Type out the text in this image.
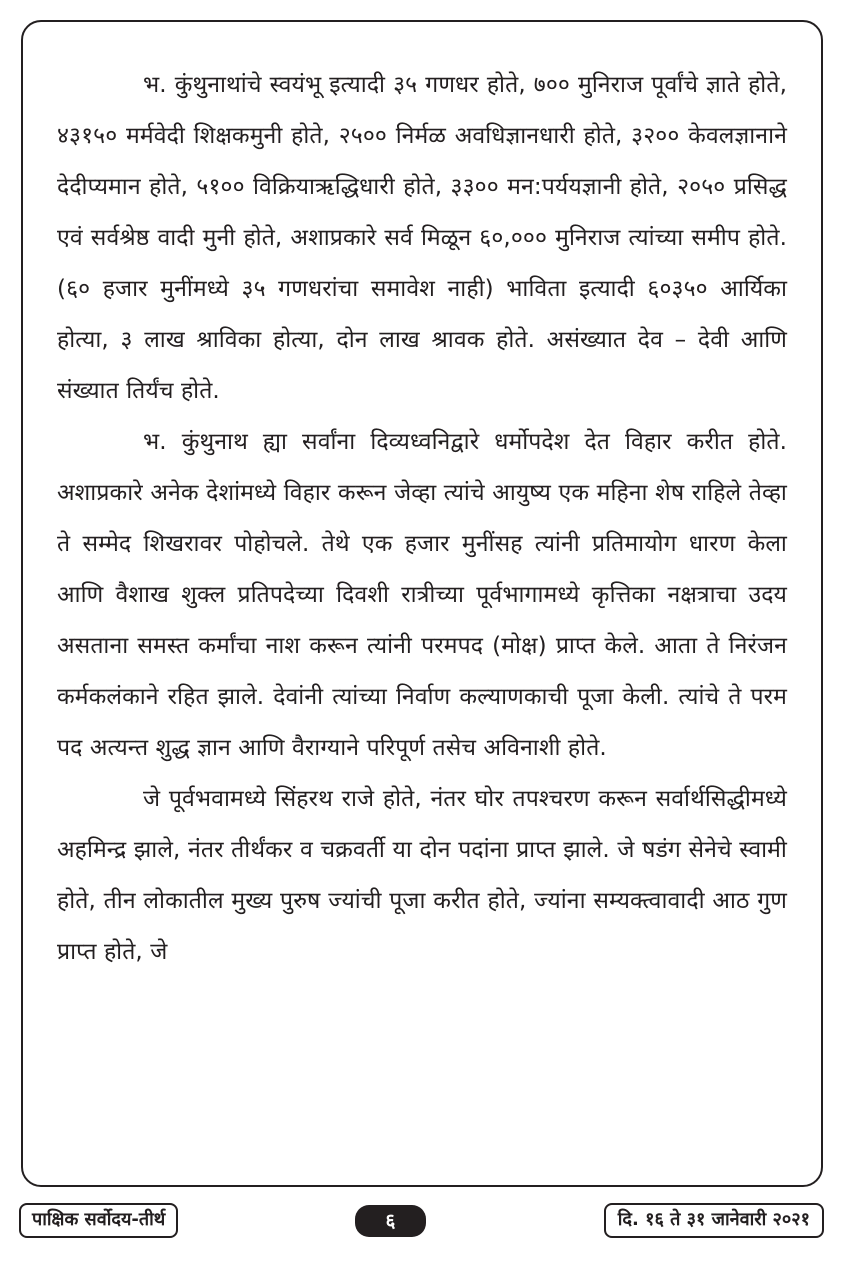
भ. कुंथुनाथांचे स्वयंभू इत्यादी ३५ गणधर होते, ७०० मुनिराज पूर्वांचे ज्ञाते होते, ४३१५० मर्मवेदी शिक्षकमुनी होते, २५०० निर्मळ अवधिज्ञानधारी होते, ३२०० केवलज्ञानाने देदीप्यमान होते, ५१०० विक्रियाऋद्धिधारी होते, ३३०० मन:पर्ययज्ञानी होते, २०५० प्रसिद्ध एवं सर्वश्रेष्ठ वादी मुनी होते, अशाप्रकारे सर्व मिळून ६०,००० मुनिराज त्यांच्या समीप होते. (६० हजार मुनींमध्ये ३५ गणधरांचा समावेश नाही) भाविता इत्यादी ६०३५० आर्यिका होत्या, ३ लाख श्राविका होत्या, दोन लाख श्रावक होते. असंख्यात देव – देवी आणि संख्यात तिर्यंच होते.

भ. कुंथुनाथ ह्या सर्वांना दिव्यध्वनिद्वारे धर्मोपदेश देत विहार करीत होते. अशाप्रकारे अनेक देशांमध्ये विहार करून जेव्हा त्यांचे आयुष्य एक महिना शेष राहिले तेव्हा ते सम्मेद शिखरावर पोहोचले. तेथे एक हजार मुनींसह त्यांनी प्रतिमायोग धारण केला आणि वैशाख शुक्ल प्रतिपदेच्या दिवशी रात्रीच्या पूर्वभागामध्ये कृत्तिका नक्षत्राचा उदय असताना समस्त कर्मांचा नाश करून त्यांनी परमपद (मोक्ष) प्राप्त केले. आता ते निरंजन कर्मकलंकाने रहित झाले. देवांनी त्यांच्या निर्वाण कल्याणकाची पूजा केली. त्यांचे ते परम पद अत्यन्त शुद्ध ज्ञान आणि वैराग्याने परिपूर्ण तसेच अविनाशी होते.

जे पूर्वभवामध्ये सिंहरथ राजे होते, नंतर घोर तपश्चरण करून सर्वार्थसिद्धीमध्ये अहमिन्द्र झाले, नंतर तीर्थंकर व चक्रवर्ती या दोन पदांना प्राप्त झाले. जे षडंग सेनेचे स्वामी होते, तीन लोकातील मुख्य पुरुष ज्यांची पूजा करीत होते, ज्यांना सम्यक्त्वावादी आठ गुण प्राप्त होते, जे

पाक्षिक सर्वोदय-तीर्थ	६	दि. १६ ते ३१ जानेवारी २०२१
